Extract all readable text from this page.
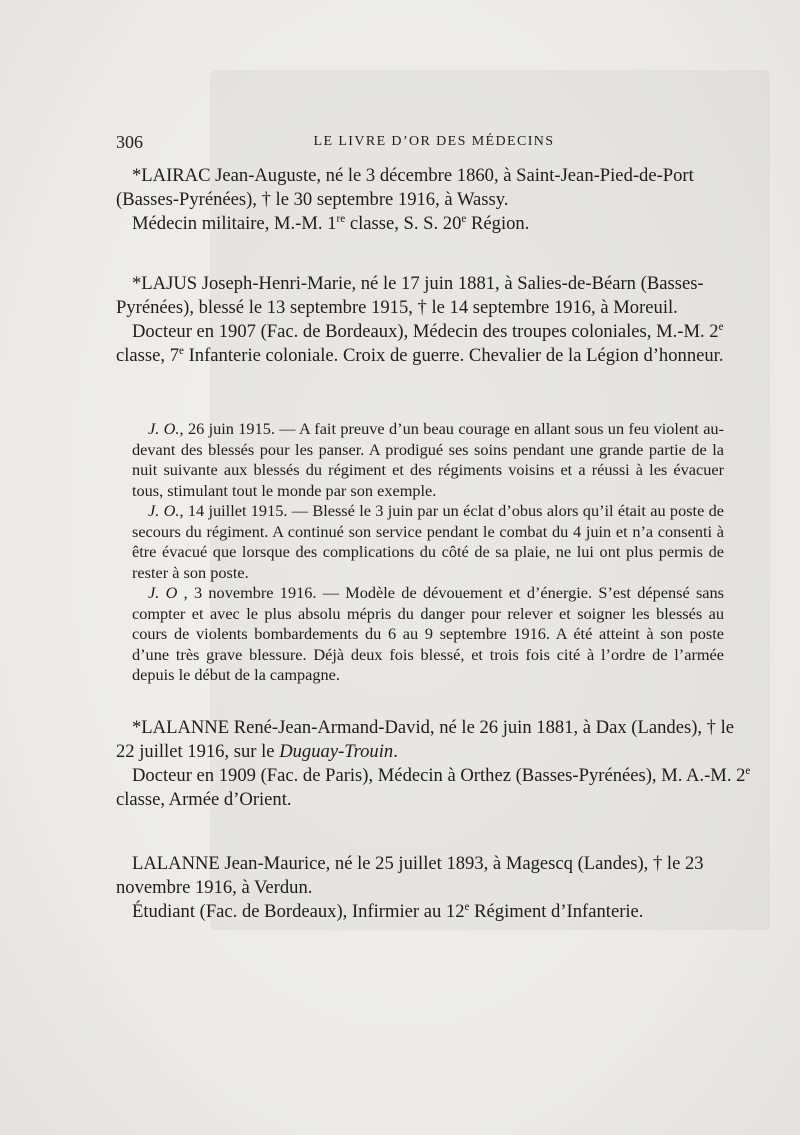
306	LE LIVRE D’OR DES MÉDECINS

*LAIRAC Jean-Auguste, né le 3 décembre 1860, à Saint-Jean-Pied-de-Port (Basses-Pyrénées), † le 30 septembre 1916, à Wassy.

Médecin militaire, M.-M. 1re classe, S. S. 20e Région.

*LAJUS Joseph-Henri-Marie, né le 17 juin 1881, à Salies-de-Béarn (Basses-Pyrénées), blessé le 13 septembre 1915, † le 14 septembre 1916, à Moreuil.

Docteur en 1907 (Fac. de Bordeaux), Médecin des troupes coloniales, M.-M. 2e classe, 7e Infanterie coloniale. Croix de guerre. Chevalier de la Légion d’honneur.

J. O., 26 juin 1915. — A fait preuve d’un beau courage en allant sous un feu violent au-devant des blessés pour les panser. A prodigué ses soins pendant une grande partie de la nuit suivante aux blessés du régiment et des régiments voisins et a réussi à les évacuer tous, stimulant tout le monde par son exemple.

J. O., 14 juillet 1915. — Blessé le 3 juin par un éclat d’obus alors qu’il était au poste de secours du régiment. A continué son service pendant le combat du 4 juin et n’a consenti à être évacué que lorsque des complications du côté de sa plaie, ne lui ont plus permis de rester à son poste.

J. O , 3 novembre 1916. — Modèle de dévouement et d’énergie. S’est dépensé sans compter et avec le plus absolu mépris du danger pour relever et soigner les blessés au cours de violents bombardements du 6 au 9 septembre 1916. A été atteint à son poste d’une très grave blessure. Déjà deux fois blessé, et trois fois cité à l’ordre de l’armée depuis le début de la campagne.

*LALANNE René-Jean-Armand-David, né le 26 juin 1881, à Dax (Landes), † le 22 juillet 1916, sur le Duguay-Trouin.

Docteur en 1909 (Fac. de Paris), Médecin à Orthez (Basses-Pyrénées), M. A.-M. 2e classe, Armée d’Orient.

LALANNE Jean-Maurice, né le 25 juillet 1893, à Magescq (Landes), † le 23 novembre 1916, à Verdun.

Étudiant (Fac. de Bordeaux), Infirmier au 12e Régiment d’Infanterie.
